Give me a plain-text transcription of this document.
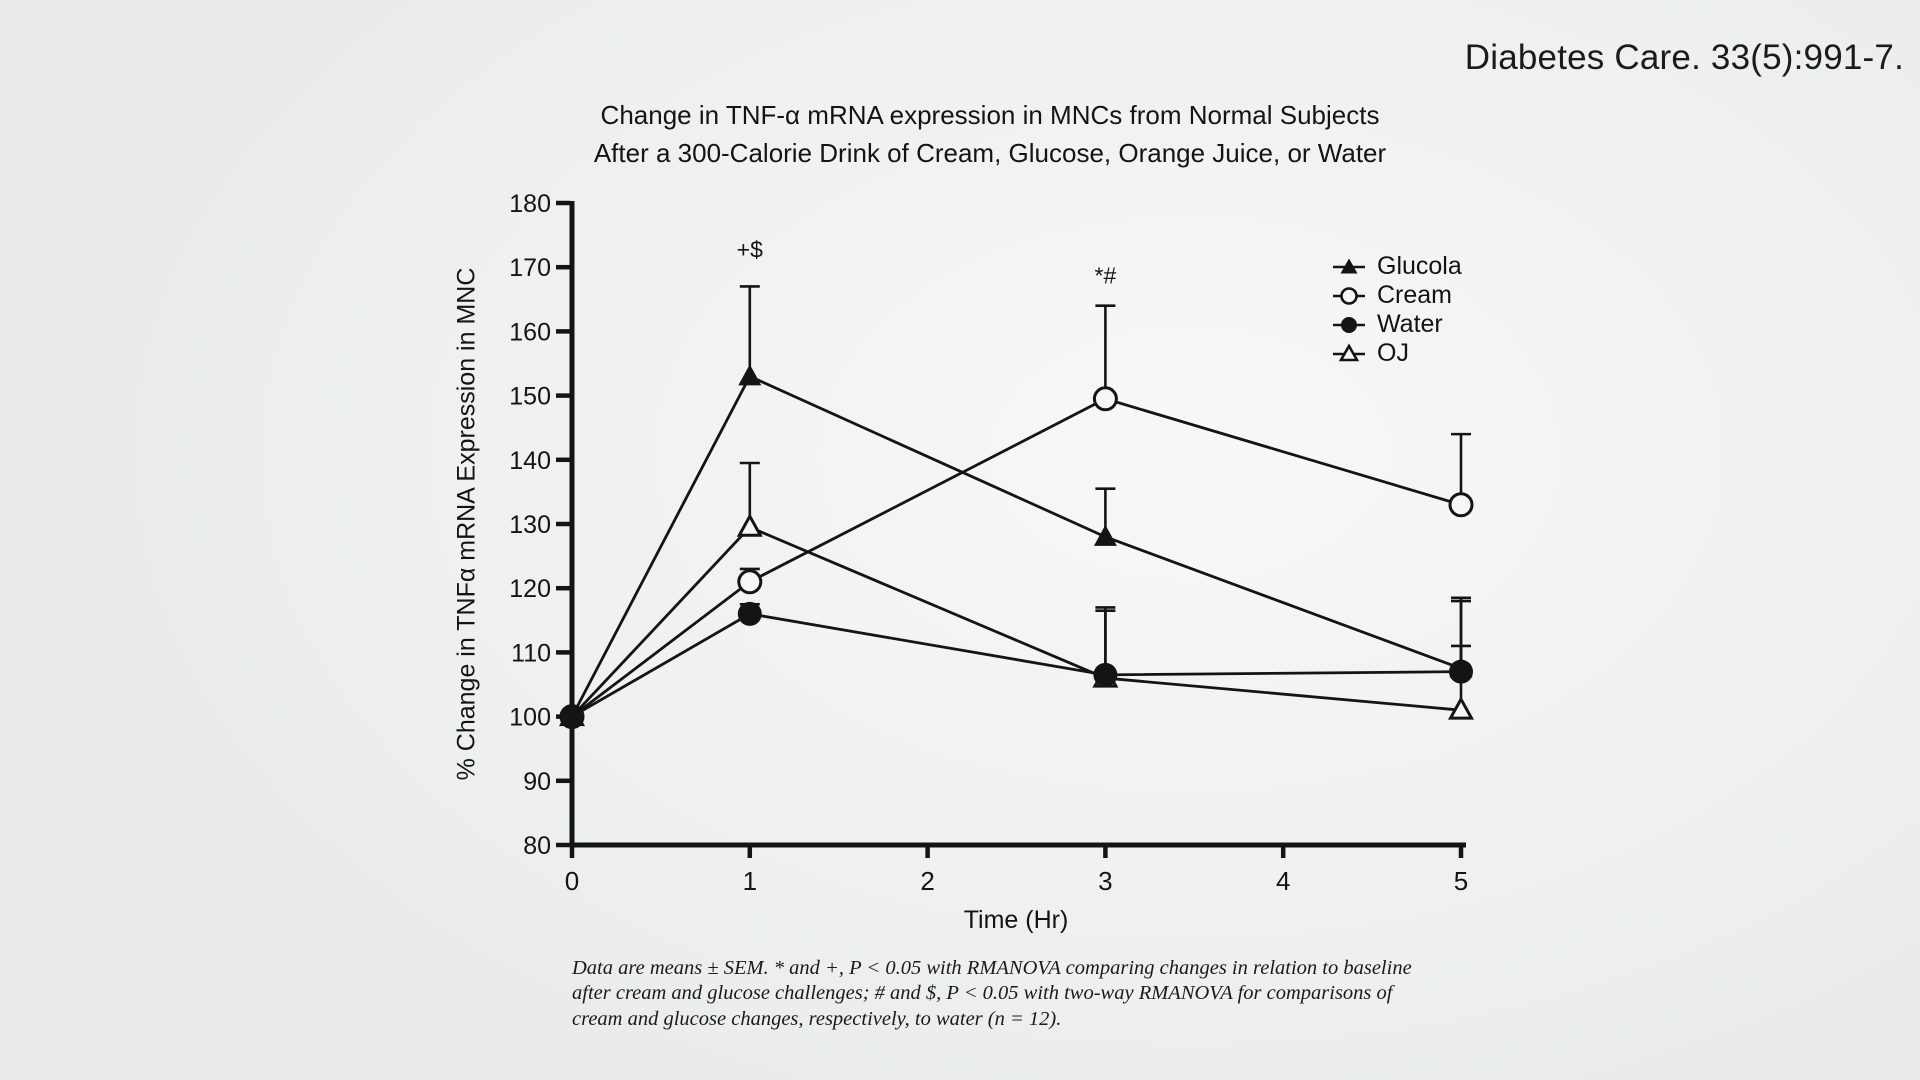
80
90
100
110
120
130
140
150
160
170
180
0	1	2	3	4	5
+$
*#
Diabetes Care. 33(5):991-7.
Change in TNF-α mRNA expression in MNCs from Normal Subjects
After a 300-Calorie Drink of Cream, Glucose, Orange Juice, or Water
% Change in TNFα mRNA Expression in MNC
Time (Hr)
Glucola
Cream
Water
OJ
Data are means ± SEM. * and +, P < 0.05 with RMANOVA comparing changes in relation to baseline
after cream and glucose challenges; # and $, P < 0.05 with two-way RMANOVA for comparisons of
cream and glucose changes, respectively, to water (n = 12).
